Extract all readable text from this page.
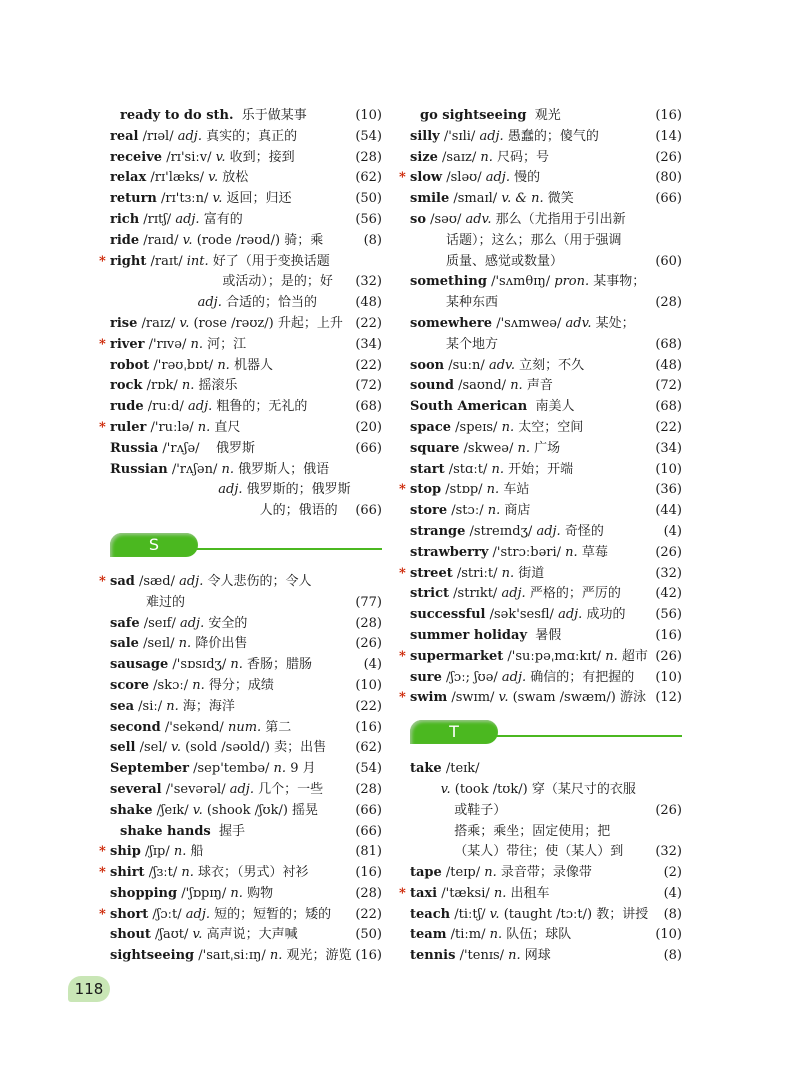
ready to do sth.  乐于做某事	(10)
real /rɪəl/ adj. 真实的；真正的	(54)
receive /rɪ'siːv/ v. 收到；接到	(28)
relax /rɪ'læks/ v. 放松	(62)
return /rɪ'tɜːn/ v. 返回；归还	(50)
rich /rɪtʃ/ adj. 富有的	(56)
ride /raɪd/ v. (rode /rəʊd/) 骑；乘	(8)
* right /raɪt/ int. 好了（用于变换话题
或活动）；是的；好 (32)
adj. 合适的；恰当的	(48)
rise /raɪz/ v. (rose /rəʊz/) 升起；上升 (22)
* river /'rɪvə/ n. 河；江	(34)
robot /'rəʊˌbɒt/ n. 机器人	(22)
rock /rɒk/ n. 摇滚乐	(72)
rude /ruːd/ adj. 粗鲁的；无礼的	(68)
* ruler /'ruːlə/ n. 直尺	(20)
Russia /'rʌʃə/    俄罗斯	(66)
Russian /'rʌʃən/ n. 俄罗斯人；俄语
adj. 俄罗斯的；俄罗斯
人的；俄语的 (66)
S
* sad /sæd/ adj. 令人悲伤的；令人
难过的	(77)
safe /seɪf/ adj. 安全的	(28)
sale /seɪl/ n. 降价出售	(26)
sausage /'sɒsɪdʒ/ n. 香肠；腊肠	(4)
score /skɔː/ n. 得分；成绩	(10)
sea /siː/ n. 海；海洋	(22)
second /'sekənd/ num. 第二	(16)
sell /sel/ v. (sold /səʊld/) 卖；出售 (62)
September /sep'tembə/ n. 9 月	(54)
several /'sevərəl/ adj. 几个；一些 (28)
shake /ʃeɪk/ v. (shook /ʃʊk/) 摇晃	(66)
shake hands  握手	(66)
* ship /ʃɪp/ n. 船	(81)
* shirt /ʃɜːt/ n. 球衣；（男式）衬衫	(16)
shopping /'ʃɒpɪŋ/ n. 购物	(28)
* short /ʃɔːt/ adj. 短的；短暂的；矮的 (22)
shout /ʃaʊt/ v. 高声说；大声喊	(50)
sightseeing /'saɪtˌsiːɪŋ/ n. 观光；游览 (16)
go sightseeing  观光	(16)
silly /'sɪli/ adj. 愚蠢的；傻气的	(14)
size /saɪz/ n. 尺码；号	(26)
* slow /sləʊ/ adj. 慢的	(80)
smile /smaɪl/ v. & n. 微笑	(66)
so /səʊ/ adv. 那么（尤指用于引出新
话题）；这么；那么（用于强调
质量、感觉或数量）	(60)
something /'sʌmθɪŋ/ pron. 某事物；
某种东西	(28)
somewhere /'sʌmweə/ adv. 某处；
某个地方	(68)
soon /suːn/ adv. 立刻；不久	(48)
sound /saʊnd/ n. 声音	(72)
South American  南美人	(68)
space /speɪs/ n. 太空；空间	(22)
square /skweə/ n. 广场	(34)
start /stɑːt/ n. 开始；开端	(10)
* stop /stɒp/ n. 车站	(36)
store /stɔː/ n. 商店	(44)
strange /streɪndʒ/ adj. 奇怪的	(4)
strawberry /'strɔːbəri/ n. 草莓	(26)
* street /striːt/ n. 街道	(32)
strict /strɪkt/ adj. 严格的；严厉的	(42)
successful /sək'sesfl/ adj. 成功的 (56)
summer holiday  暑假	(16)
* supermarket /'suːpəˌmɑːkɪt/ n. 超市 (26)
sure /ʃɔː; ʃʊə/ adj. 确信的；有把握的 (10)
* swim /swɪm/ v. (swam /swæm/) 游泳 (12)
T
take /teɪk/
v. (took /tʊk/) 穿（某尺寸的衣服
或鞋子）	(26)
搭乘；乘坐；固定使用；把
（某人）带往；使（某人）到 (32)
tape /teɪp/ n. 录音带；录像带	(2)
* taxi /'tæksi/ n. 出租车	(4)
teach /tiːtʃ/ v. (taught /tɔːt/) 教；讲授 (8)
team /tiːm/ n. 队伍；球队	(10)
tennis /'tenɪs/ n. 网球	(8)
118
